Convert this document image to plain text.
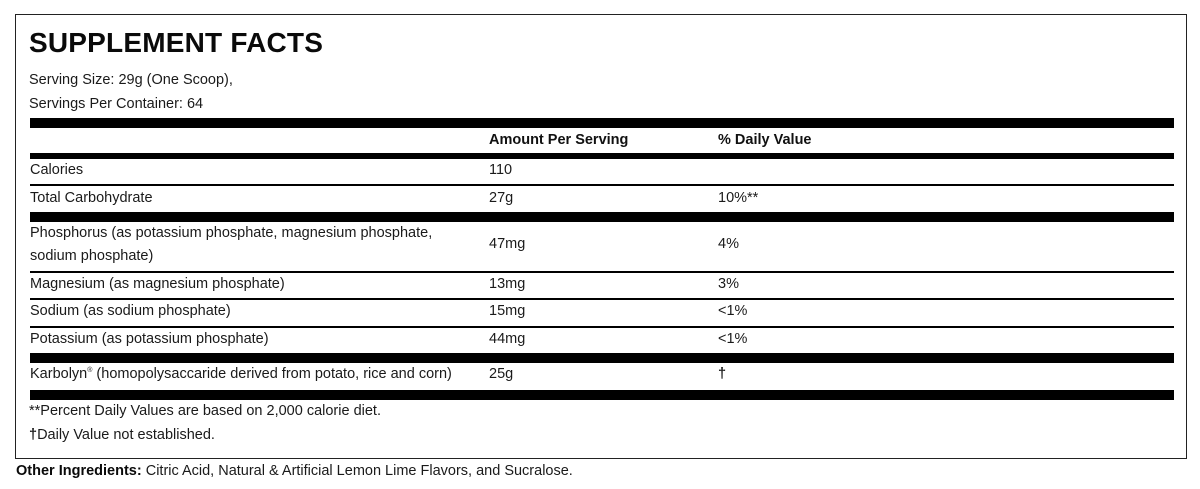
SUPPLEMENT FACTS
Serving Size: 29g (One Scoop),
Servings Per Container: 64
Amount Per Serving	% Daily Value
Calories	110
Total Carbohydrate	27g	10%**
Phosphorus (as potassium phosphate, magnesium phosphate,
sodium phosphate)
47mg	4%
Magnesium (as magnesium phosphate)	13mg	3%
Sodium (as sodium phosphate)	15mg	<1%
Potassium (as potassium phosphate)	44mg	<1%
Karbolyn® (homopolysaccaride derived from potato, rice and corn)	25g	†
**Percent Daily Values are based on 2,000 calorie diet.
†Daily Value not established.
Other Ingredients: Citric Acid, Natural & Artificial Lemon Lime Flavors, and Sucralose.
